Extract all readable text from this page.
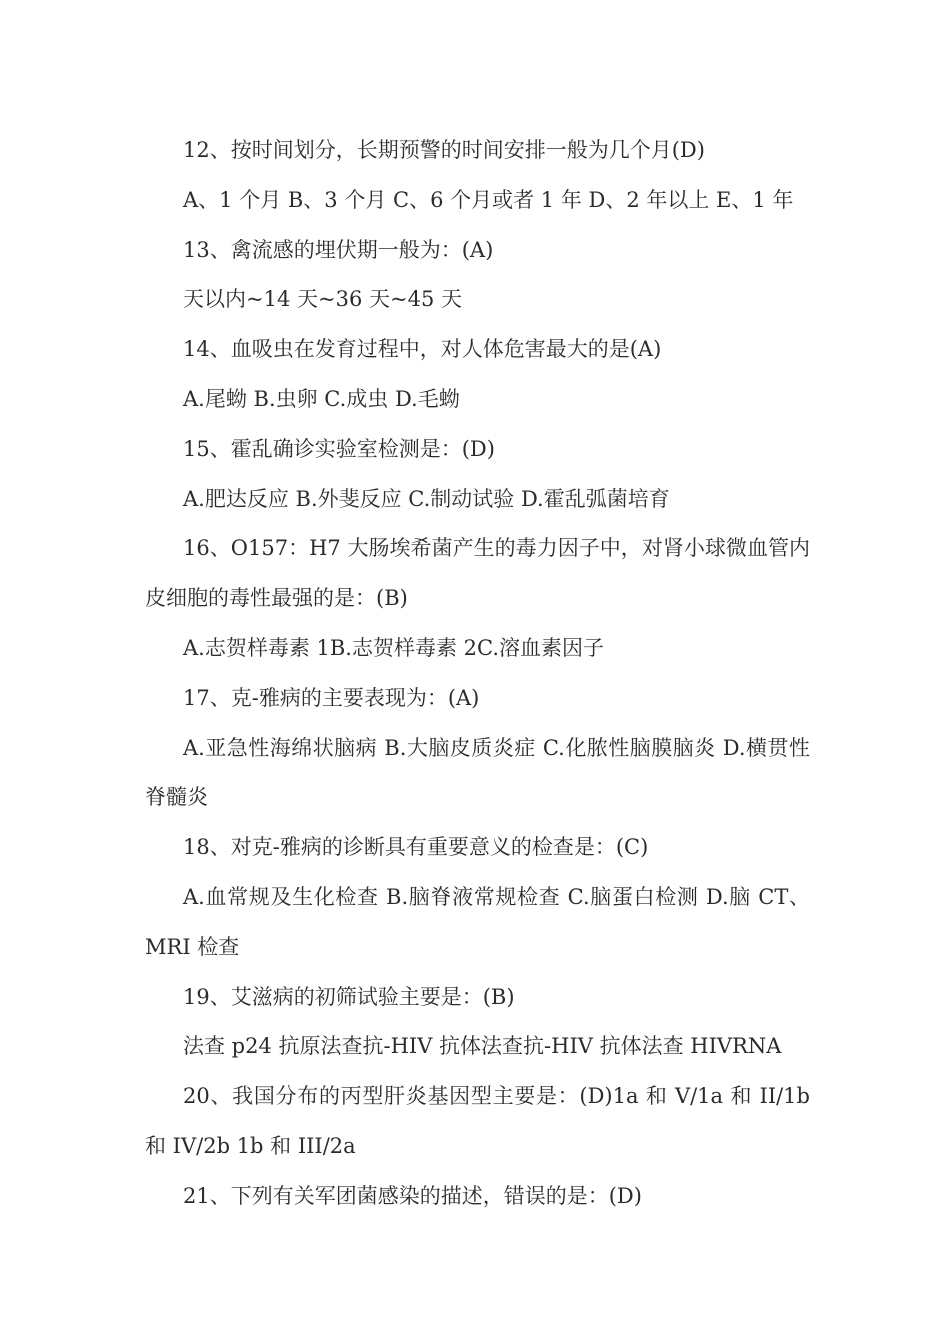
12、按时间划分，长期预警的时间安排一般为几个月(D)

A、1 个月 B、3 个月 C、6 个月或者 1 年 D、2 年以上 E、1 年

13、禽流感的埋伏期一般为：(A)

天以内~14 天~36 天~45 天

14、血吸虫在发育过程中，对人体危害最大的是(A)

A.尾蚴 B.虫卵 C.成虫 D.毛蚴

15、霍乱确诊实验室检测是：(D)

A.肥达反应 B.外斐反应 C.制动试验 D.霍乱弧菌培育

16、O157：H7 大肠埃希菌产生的毒力因子中，对肾小球微血管内皮细胞的毒性最强的是：(B)

A.志贺样毒素 1B.志贺样毒素 2C.溶血素因子

17、克-雅病的主要表现为：(A)

A.亚急性海绵状脑病 B.大脑皮质炎症 C.化脓性脑膜脑炎 D.横贯性脊髓炎

18、对克-雅病的诊断具有重要意义的检查是：(C)

A.血常规及生化检查 B.脑脊液常规检查 C.脑蛋白检测 D.脑 CT、MRI 检查

19、艾滋病的初筛试验主要是：(B)

法查 p24 抗原法查抗-HIV 抗体法查抗-HIV 抗体法查 HIVRNA

20、我国分布的丙型肝炎基因型主要是：(D)1a 和 V/1a 和 II/1b 和 IV/2b 1b 和 III/2a

21、下列有关军团菌感染的描述，错误的是：(D)
